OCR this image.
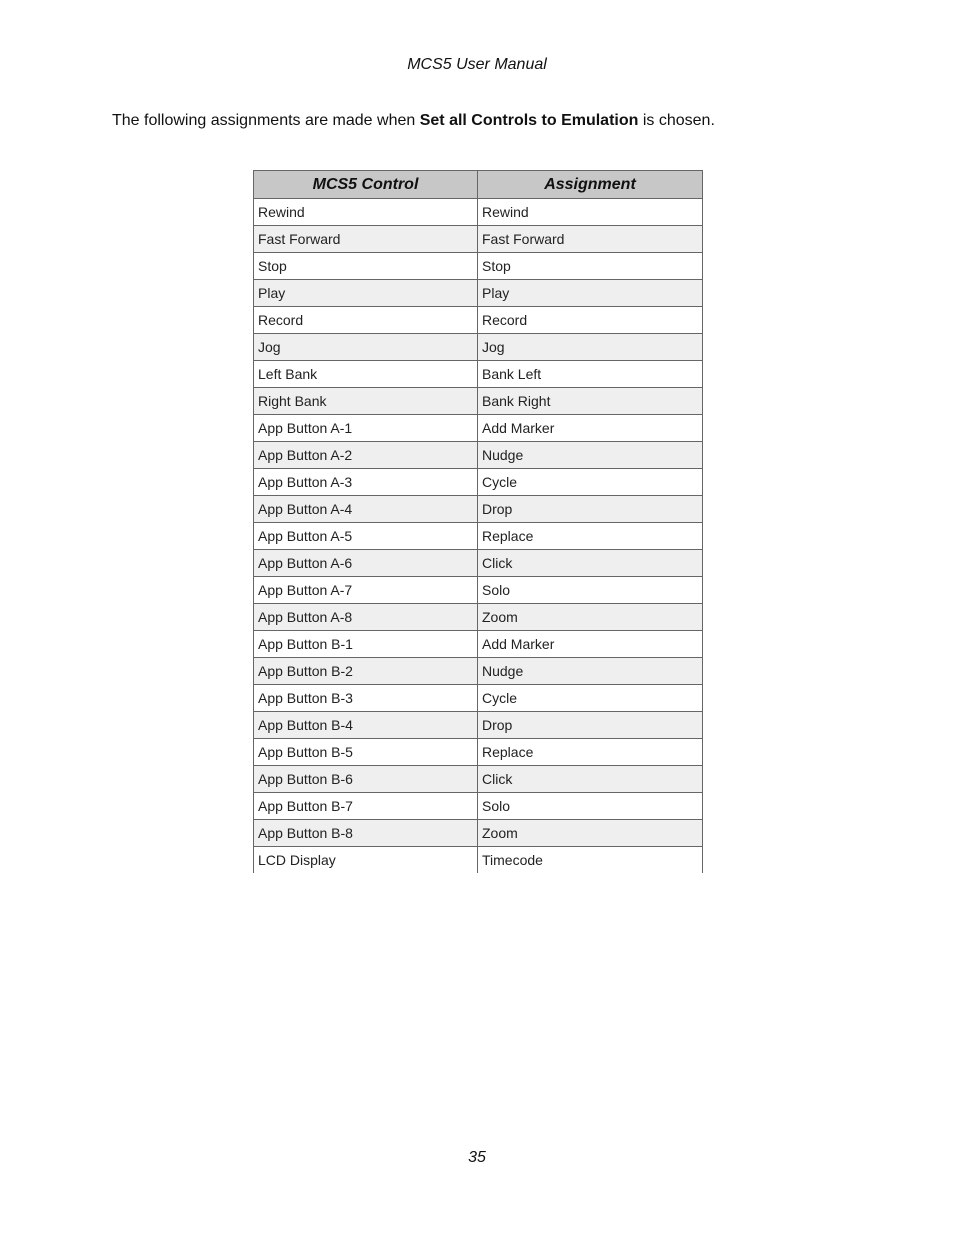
MCS5 User Manual
The following assignments are made when Set all Controls to Emulation is chosen.
MCS5 Control	Assignment
Rewind	Rewind
Fast Forward	Fast Forward
Stop	Stop
Play	Play
Record	Record
Jog	Jog
Left Bank	Bank Left
Right Bank	Bank Right
App Button A-1	Add Marker
App Button A-2	Nudge
App Button A-3	Cycle
App Button A-4	Drop
App Button A-5	Replace
App Button A-6	Click
App Button A-7	Solo
App Button A-8	Zoom
App Button B-1	Add Marker
App Button B-2	Nudge
App Button B-3	Cycle
App Button B-4	Drop
App Button B-5	Replace
App Button B-6	Click
App Button B-7	Solo
App Button B-8	Zoom
LCD Display	Timecode
35
